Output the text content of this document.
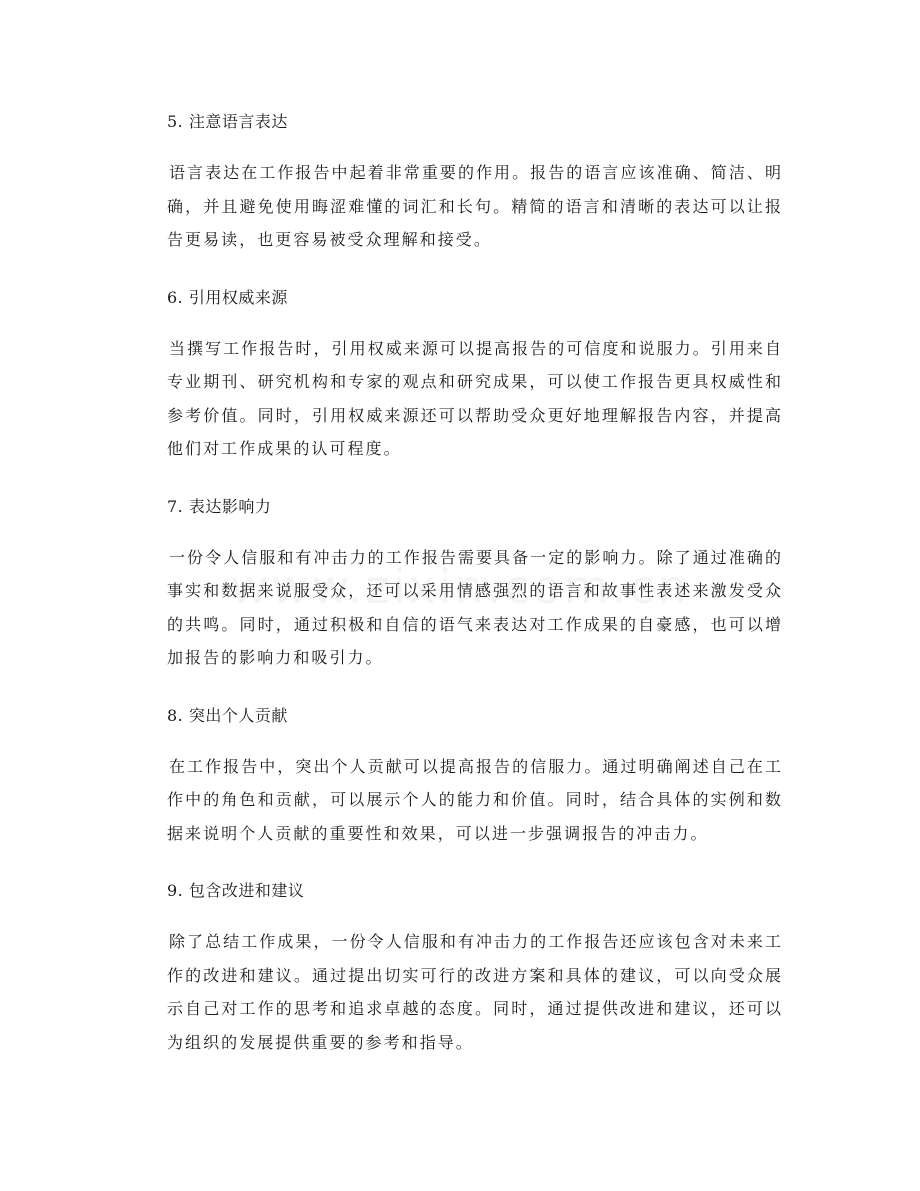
5. 注意语言表达

语言表达在工作报告中起着非常重要的作用。报告的语言应该准确、简洁、明确，并且避免使用晦涩难懂的词汇和长句。精简的语言和清晰的表达可以让报告更易读，也更容易被受众理解和接受。

6. 引用权威来源

当撰写工作报告时，引用权威来源可以提高报告的可信度和说服力。引用来自专业期刊、研究机构和专家的观点和研究成果，可以使工作报告更具权威性和参考价值。同时，引用权威来源还可以帮助受众更好地理解报告内容，并提高他们对工作成果的认可程度。

7. 表达影响力

一份令人信服和有冲击力的工作报告需要具备一定的影响力。除了通过准确的事实和数据来说服受众，还可以采用情感强烈的语言和故事性表述来激发受众的共鸣。同时，通过积极和自信的语气来表达对工作成果的自豪感，也可以增加报告的影响力和吸引力。

8. 突出个人贡献

在工作报告中，突出个人贡献可以提高报告的信服力。通过明确阐述自己在工作中的角色和贡献，可以展示个人的能力和价值。同时，结合具体的实例和数据来说明个人贡献的重要性和效果，可以进一步强调报告的冲击力。

9. 包含改进和建议

除了总结工作成果，一份令人信服和有冲击力的工作报告还应该包含对未来工作的改进和建议。通过提出切实可行的改进方案和具体的建议，可以向受众展示自己对工作的思考和追求卓越的态度。同时，通过提供改进和建议，还可以为组织的发展提供重要的参考和指导。
